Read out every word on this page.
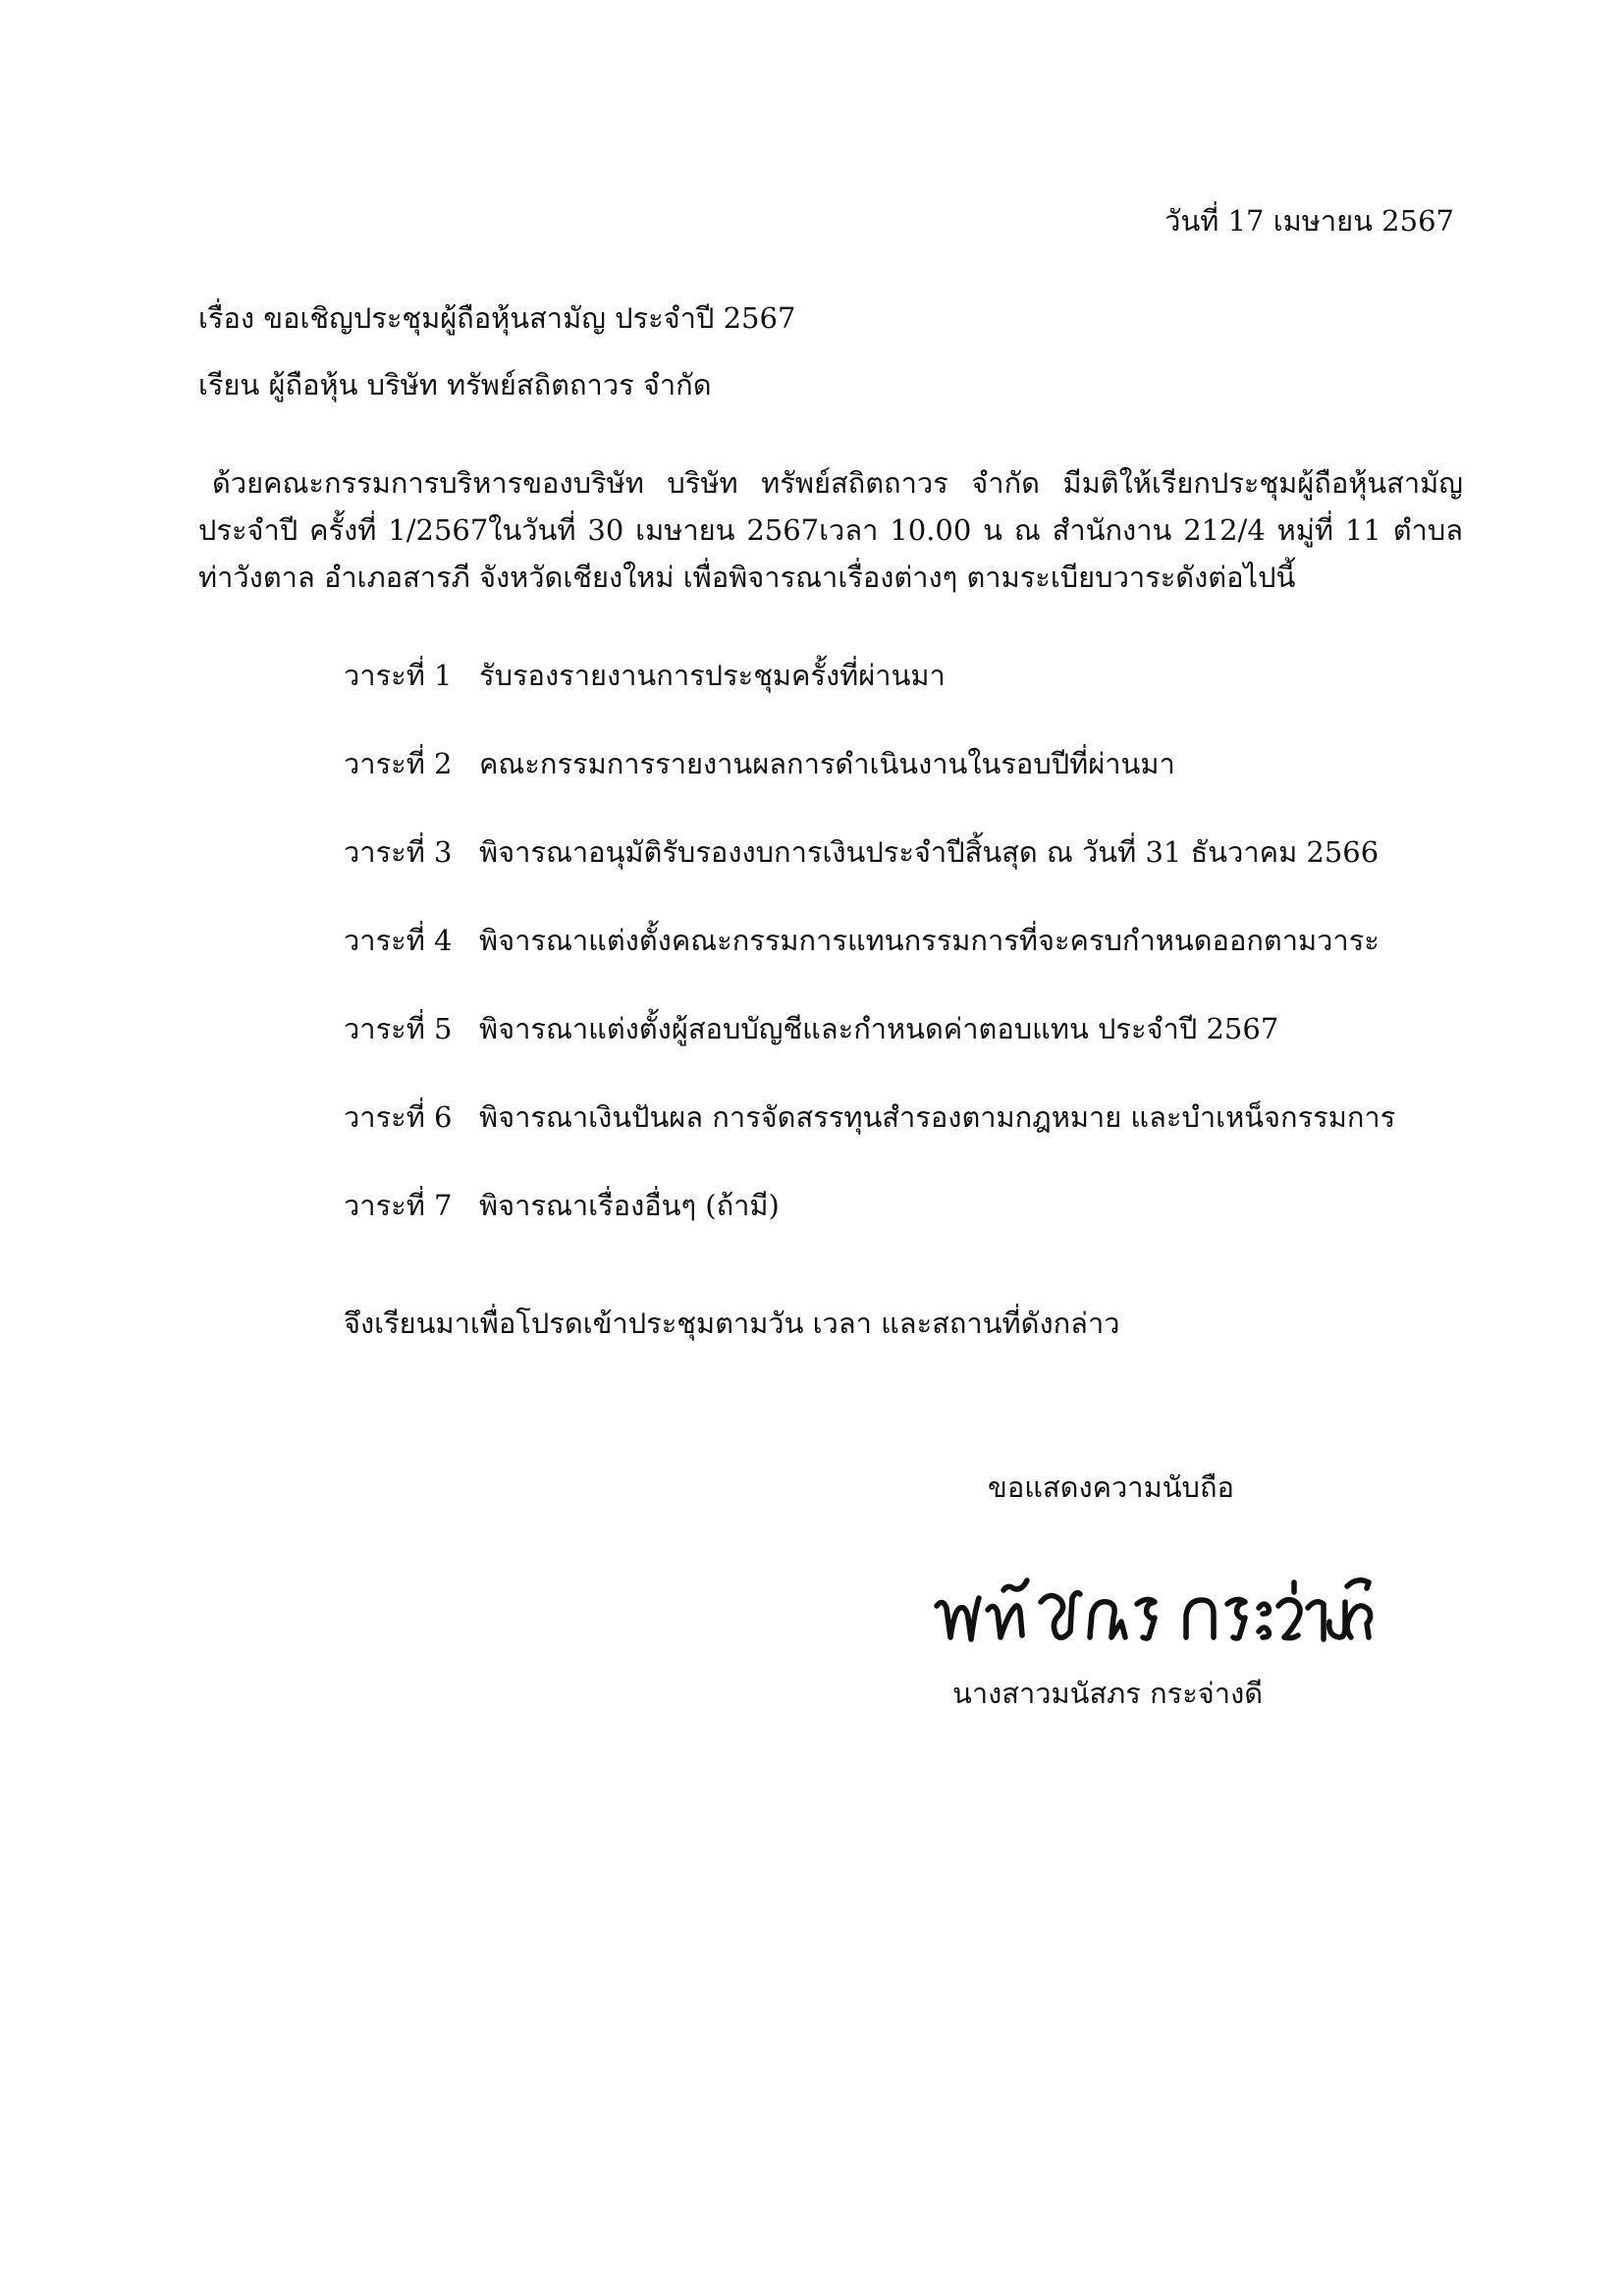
วันที่ 17 เมษายน 2567
เรื่อง ขอเชิญประชุมผู้ถือหุ้นสามัญ ประจำปี 2567
เรียน ผู้ถือหุ้น บริษัท ทรัพย์สถิตถาวร จำกัด
ด้วยคณะกรรมการบริหารของบริษัท บริษัท ทรัพย์สถิตถาวร จำกัด มีมติให้เรียกประชุมผู้ถือหุ้นสามัญ ประจำปี ครั้งที่ 1/2567ในวันที่ 30 เมษายน 2567เวลา 10.00 น ณ สำนักงาน 212/4 หมู่ที่ 11 ตำบลท่าวังตาล อำเภอสารภี จังหวัดเชียงใหม่ เพื่อพิจารณาเรื่องต่างๆ ตามระเบียบวาระดังต่อไปนี้
วาระที่ 1 รับรองรายงานการประชุมครั้งที่ผ่านมา
วาระที่ 2 คณะกรรมการรายงานผลการดำเนินงานในรอบปีที่ผ่านมา
วาระที่ 3 พิจารณาอนุมัติรับรองงบการเงินประจำปีสิ้นสุด ณ วันที่ 31 ธันวาคม 2566
วาระที่ 4 พิจารณาแต่งตั้งคณะกรรมการแทนกรรมการที่จะครบกำหนดออกตามวาระ
วาระที่ 5 พิจารณาแต่งตั้งผู้สอบบัญชีและกำหนดค่าตอบแทน ประจำปี 2567
วาระที่ 6 พิจารณาเงินปันผล การจัดสรรทุนสำรองตามกฎหมาย และบำเหน็จกรรมการ
วาระที่ 7 พิจารณาเรื่องอื่นๆ (ถ้ามี)
จึงเรียนมาเพื่อโปรดเข้าประชุมตามวัน เวลา และสถานที่ดังกล่าว
ขอแสดงความนับถือ
นางสาวมนัสภร กระจ่างดี
